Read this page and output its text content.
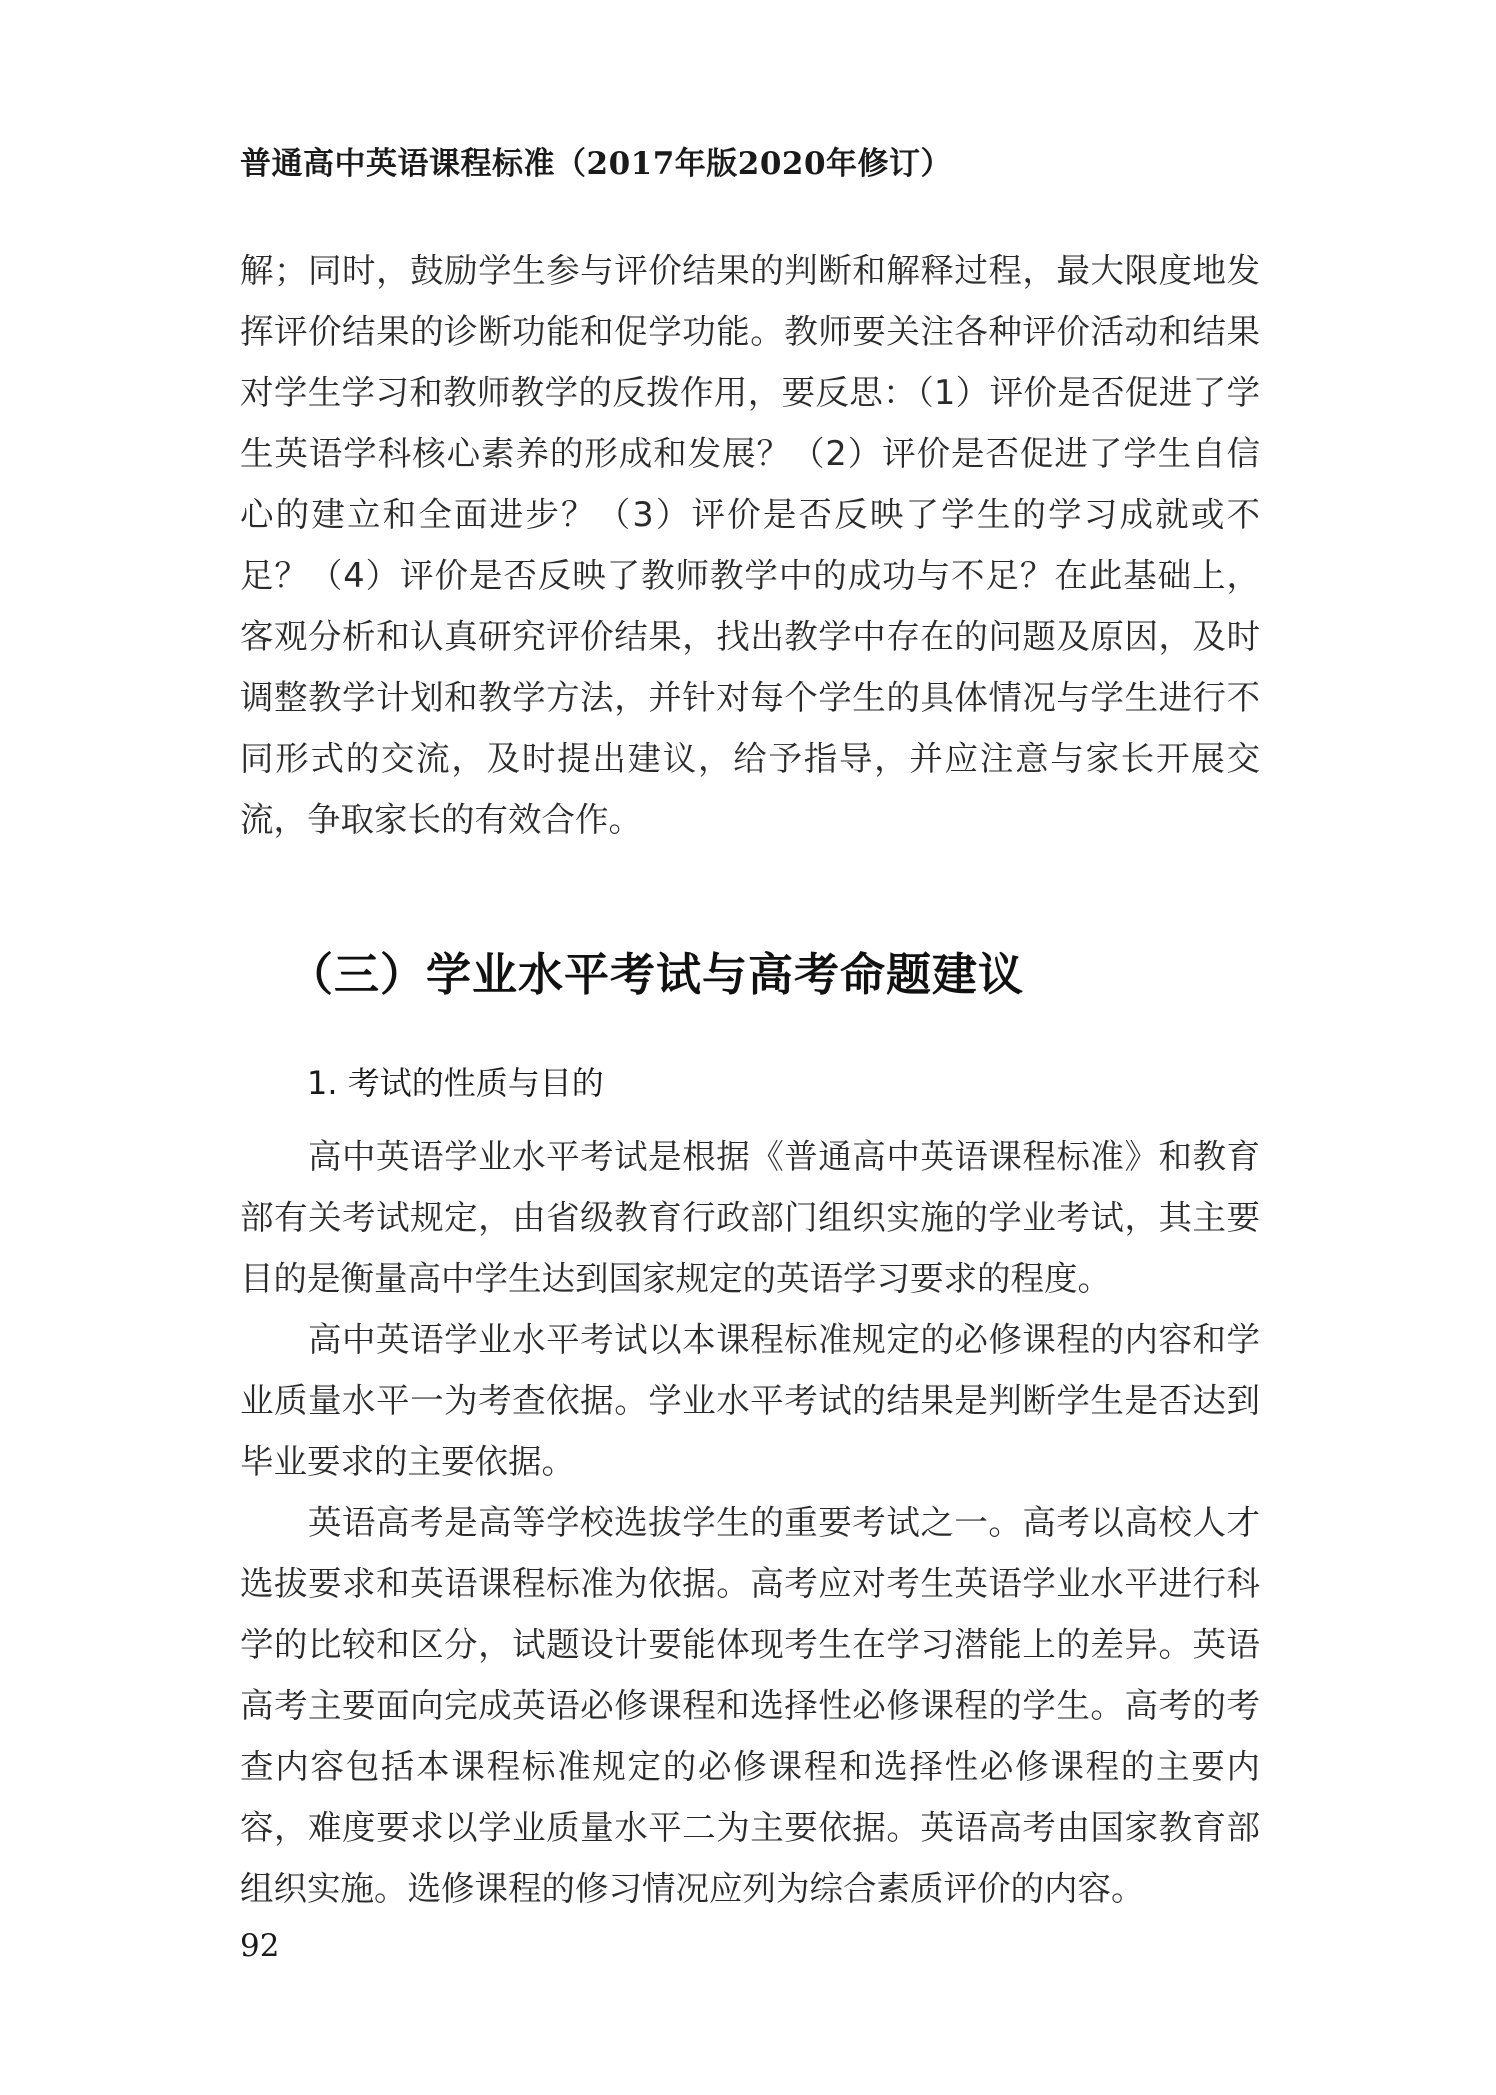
普通高中英语课程标准（2017年版2020年修订）

解；同时，鼓励学生参与评价结果的判断和解释过程，最大限度地发挥评价结果的诊断功能和促学功能。教师要关注各种评价活动和结果对学生学习和教师教学的反拨作用，要反思：（1）评价是否促进了学生英语学科核心素养的形成和发展？（2）评价是否促进了学生自信心的建立和全面进步？（3）评价是否反映了学生的学习成就或不足？（4）评价是否反映了教师教学中的成功与不足？在此基础上，客观分析和认真研究评价结果，找出教学中存在的问题及原因，及时调整教学计划和教学方法，并针对每个学生的具体情况与学生进行不同形式的交流，及时提出建议，给予指导，并应注意与家长开展交流，争取家长的有效合作。

（三）学业水平考试与高考命题建议
1. 考试的性质与目的

高中英语学业水平考试是根据《普通高中英语课程标准》和教育部有关考试规定，由省级教育行政部门组织实施的学业考试，其主要目的是衡量高中学生达到国家规定的英语学习要求的程度。

高中英语学业水平考试以本课程标准规定的必修课程的内容和学业质量水平一为考查依据。学业水平考试的结果是判断学生是否达到毕业要求的主要依据。

英语高考是高等学校选拔学生的重要考试之一。高考以高校人才选拔要求和英语课程标准为依据。高考应对考生英语学业水平进行科学的比较和区分，试题设计要能体现考生在学习潜能上的差异。英语高考主要面向完成英语必修课程和选择性必修课程的学生。高考的考查内容包括本课程标准规定的必修课程和选择性必修课程的主要内容，难度要求以学业质量水平二为主要依据。英语高考由国家教育部组织实施。选修课程的修习情况应列为综合素质评价的内容。

92
